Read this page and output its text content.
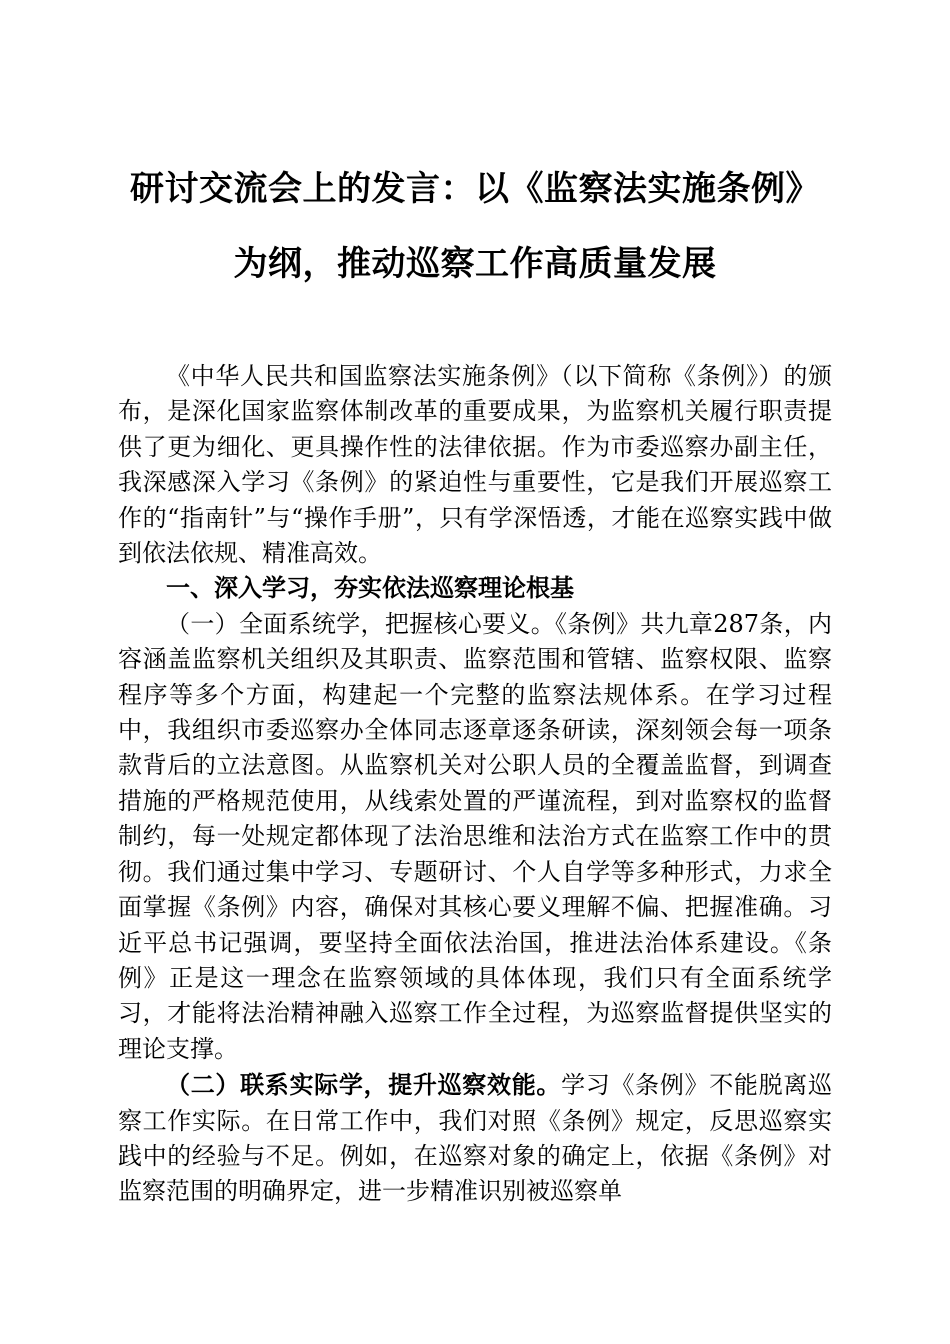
研讨交流会上的发言：以《监察法实施条例》
为纲，推动巡察工作高质量发展

《中华人民共和国监察法实施条例》（以下简称《条例》）的颁布，是深化国家监察体制改革的重要成果，为监察机关履行职责提供了更为细化、更具操作性的法律依据。作为市委巡察办副主任，我深感深入学习《条例》的紧迫性与重要性，它是我们开展巡察工作的“指南针”与“操作手册”，只有学深悟透，才能在巡察实践中做到依法依规、精准高效。

一、深入学习，夯实依法巡察理论根基

（一）全面系统学，把握核心要义。《条例》共九章287条，内容涵盖监察机关组织及其职责、监察范围和管辖、监察权限、监察程序等多个方面，构建起一个完整的监察法规体系。在学习过程中，我组织市委巡察办全体同志逐章逐条研读，深刻领会每一项条款背后的立法意图。从监察机关对公职人员的全覆盖监督，到调查措施的严格规范使用，从线索处置的严谨流程，到对监察权的监督制约，每一处规定都体现了法治思维和法治方式在监察工作中的贯彻。我们通过集中学习、专题研讨、个人自学等多种形式，力求全面掌握《条例》内容，确保对其核心要义理解不偏、把握准确。习近平总书记强调，要坚持全面依法治国，推进法治体系建设。《条例》正是这一理念在监察领域的具体体现，我们只有全面系统学习，才能将法治精神融入巡察工作全过程，为巡察监督提供坚实的理论支撑。

（二）联系实际学，提升巡察效能。学习《条例》不能脱离巡察工作实际。在日常工作中，我们对照《条例》规定，反思巡察实践中的经验与不足。例如，在巡察对象的确定上，依据《条例》对监察范围的明确界定，进一步精准识别被巡察单
